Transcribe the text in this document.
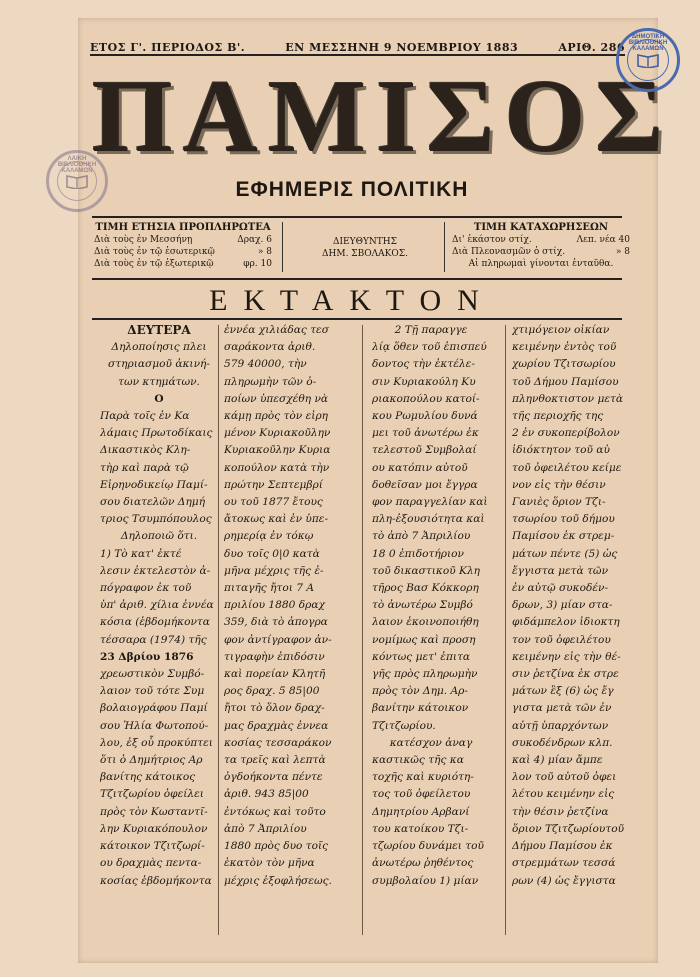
ΕΤΟΣ Γ'. ΠΕΡΙΟΔΟΣ Β'.	ΕΝ ΜΕΣΣΗΝΗ 9 ΝΟΕΜΒΡΙΟΥ 1883	ΑΡΙΘ. 286
ΠΑΜΙΣΟΣ
ΕΦΗΜΕΡΙΣ ΠΟΛΙΤΙΚΗ
ΤΙΜΗ ΕΤΗΣΙΑ ΠΡΟΠΛΗΡΩΤΕΑ
Διὰ τοὺς ἐν Μεσσήνῃ	Δραχ. 6
Διὰ τοὺς ἐν τῷ ἐσωτερικῷ	» 8
Διὰ τοὺς ἐν τῷ ἐξωτερικῷ	φρ. 10
ΔΙΕΥΘΥΝΤΗΣ
ΔΗΜ. ΣΒΟΛΑΚΟΣ.
ΤΙΜΗ ΚΑΤΑΧΩΡΗΣΕΩΝ
Δι' ἑκάστον στίχ.	Λεπ. νέα 40
Διὰ Πλεονασμῶν ὁ στίχ.	» 8
Αἱ πληρωμαὶ γίνονται ἐνταῦθα.
ΕΚΤΑΚΤΟΝ
ΔΕΥΤΕΡΑ
Δηλοποίησις πλει
στηριασμοῦ ἀκινή-
των κτημάτων.
Ο
Παρὰ τοῖς ἐν Κα
λάμαις Πρωτοδίκαις
Δικαστικὸς Κλη-
τὴρ καὶ παρὰ τῷ
Εἰρηνοδικείῳ Παμί-
σου διατελῶν Δημή
τριος Τσυμπόπουλος
Δηλοποιῶ ὅτι.
1) Τὸ κατ' ἐκτέ
λεσιν ἐκτελεστὸν ἀ-
πόγραφον ἐκ τοῦ
ὑπ' ἀριθ. χίλια ἐννέα
κόσια (ἑβδομήκοντα
τέσσαρα (1974) τῆς
23 Δβρίου 1876
χρεωστικὸν Συμβό-
λαιον τοῦ τότε Συμ
βολαιογράφου Παμί
σου Ἠλία Φωτοπού-
λου, ἐξ οὗ προκύπτει
ὅτι ὁ Δημήτριος Αρ
βανίτης κάτοικος
Τζιτζωρίου ὀφείλει
πρὸς τὸν Κωσταντῖ-
λην Κυριακόπουλον
κάτοικον Τζιτζωρί-
ου δραχμὰς πεντα-
κοσίας ἑβδομήκοντα
ἐννέα χιλιάδας τεσ
σαράκοντα ἀριθ.
579 40000, τὴν
πληρωμὴν τῶν ὁ-
ποίων ὑπεσχέθη νὰ
κάμῃ πρὸς τὸν εἰρη
μένον Κυριακοῦλην
Κυριακοῦλην Κυρια
κοπούλον κατὰ τὴν
πρώτην Σεπτεμβρί
ου τοῦ 1877 ἔτους
ἄτοκως καὶ ἐν ὑπε-
ρημερίᾳ ἐν τόκῳ
δυο τοῖς 0|0 κατὰ
μῆνα μέχρις τῆς ἐ-
πιταγῆς ἤτοι 7 Α
πριλίου 1880 δραχ
359, διὰ τὸ ἀπογρα
φον ἀντίγραφον ἀν-
τιγραφὴν ἐπιδόσιν
καὶ πορείαν Κλητῆ
ρος δραχ. 5 85|00
ἤτοι τὸ ὅλον δραχ-
μας δραχμὰς ἐννεα
κοσίας τεσσαράκον
τα τρεῖς καὶ λεπτὰ
ὀγδοήκοντα πέντε
ἀριθ. 943 85|00
ἐντόκως καὶ τοῦτο
ἀπὸ 7 Ἀπριλίου
1880 πρὸς δυο τοῖς
ἑκατὸν τὸν μῆνα
μέχρις ἐξοφλήσεως.
2 Τῇ παραγγε
λίᾳ ὅθεν τοῦ ἐπισπεύ
δοντος τὴν ἐκτέλε-
σιν Κυριακούλη Κυ
ριακοπούλου κατοί-
κου Ρωμυλίου δυνά
μει τοῦ ἀνωτέρω ἐκ
τελεστοῦ Συμβολαί
ου κατόπιν αὐτοῦ
δοθεῖσαν μοι ἔγγρα
φον παραγγελίαν καὶ
πλη-ἐξουσιότητα καὶ
τὸ ἀπὸ 7 Ἀπριλίου
18 0 ἐπιδοτήριον
τοῦ δικαστικοῦ Κλη
τῆρος Βασ Κόκκορη
τὸ ἀνωτέρω Συμβό
λαιον ἐκοινοποιήθη
νομίμως καὶ προση
κόντως μετ' ἐπιτα
γῆς πρὸς πληρωμὴν
πρὸς τὸν Δημ. Αρ-
βανίτην κάτοικον
Τζιτζωρίου.
κατέσχον ἀναγ
καστικῶς τῆς κα
τοχῆς καὶ κυριότη-
τος τοῦ ὀφείλετου
Δημητρίου Αρβανί
του κατοίκου Τζι-
τζωρίου δυνάμει τοῦ
ἀνωτέρω ῥηθέντος
συμβολαίου 1) μίαν
χτιμόγειον οἰκίαν
κειμένην ἐντὸς τοῦ
χωρίου Τζιτσωρίου
τοῦ Δήμου Παμίσου
πληνθοκτιστον μετὰ
τῆς περιοχῆς της
2 ἐν συκοπερίβολον
ἰδιόκτητον τοῦ αὐ
τοῦ ὀφειλέτου κείμε
νον εἰς τὴν θέσιν
Γανιὲς ὅριον Τζι-
τσωρίου τοῦ δήμου
Παμίσου ἐκ στρεμ-
μάτων πέντε (5) ὡς
ἔγγιστα μετὰ τῶν
ἐν αὐτῷ συκοδέν-
δρων, 3) μίαν στα-
φιδάμπελον ἰδιοκτη
τον τοῦ ὀφειλέτου
κειμένην εἰς τὴν θέ-
σιν ῥετζίνα ἐκ στρε
μάτων ἓξ (6) ὡς ἔγ
γιστα μετὰ τῶν ἐν
αὐτῇ ὑπαρχόντων
συκοδένδρων κλπ.
καὶ 4) μίαν ἄμπε
λον τοῦ αὐτοῦ ὀφει
λέτου κειμένην εἰς
τὴν θέσιν ῥετζίνα
ὅριον Τζιτζωρίουτοῦ
Δήμου Παμίσου ἐκ
στρεμμάτων τεσσά
ρων (4) ὡς ἔγγιστα
ΔΗΜΟΤΙΚΗ ΒΙΒΛΙΟΘΗΚΗ ΚΑΛΑΜΩΝ
ΛΑΙΚΗ ΒΙΒΛΙΟΘΗΚΗ ΚΑΛΑΜΩΝ
